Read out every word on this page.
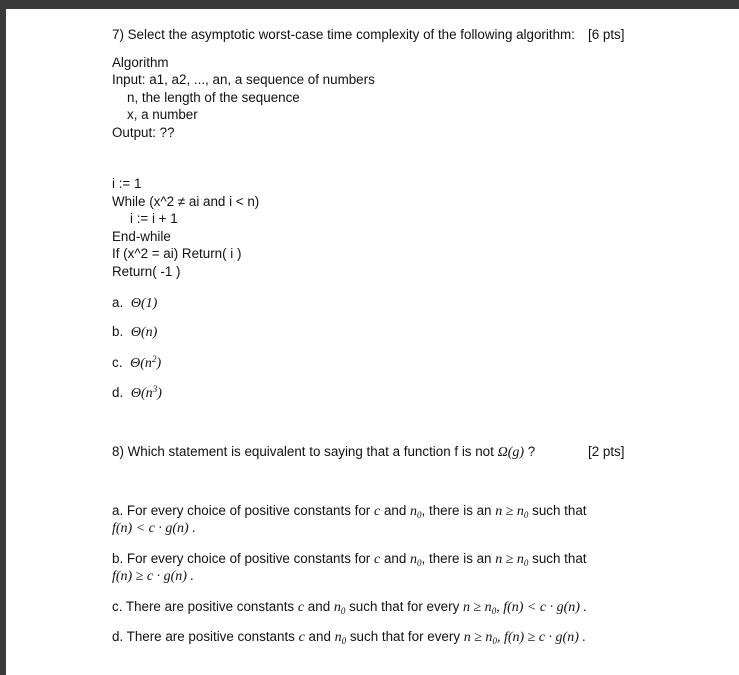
7) Select the asymptotic worst-case time complexity of the following algorithm: [6 pts]
Algorithm
Input: a1, a2, ..., an, a sequence of numbers
n, the length of the sequence
x, a number
Output: ??
i := 1
While (x^2 ≠ ai and i < n)
i := i + 1
End-while
If (x^2 = ai) Return( i )
Return( -1 )
a. Θ(1)
b. Θ(n)
c. $\Theta(n^2)$
d. $\Theta(n^3)$
8) Which statement is equivalent to saying that a function f is not Ω(g) ?	[2 pts]
a. For every choice of positive constants for c and $n_0$, there is an $n \ge n_0$ such that
f(n) < c · g(n) .
b. For every choice of positive constants for c and $n_0$, there is an $n \ge n_0$ such that
f(n) ≥ c · g(n) .
c. There are positive constants c and $n_0$ such that for every $n \ge n_0$, f(n) < c · g(n) .
d. There are positive constants c and $n_0$ such that for every $n \ge n_0$, f(n) ≥ c · g(n) .
